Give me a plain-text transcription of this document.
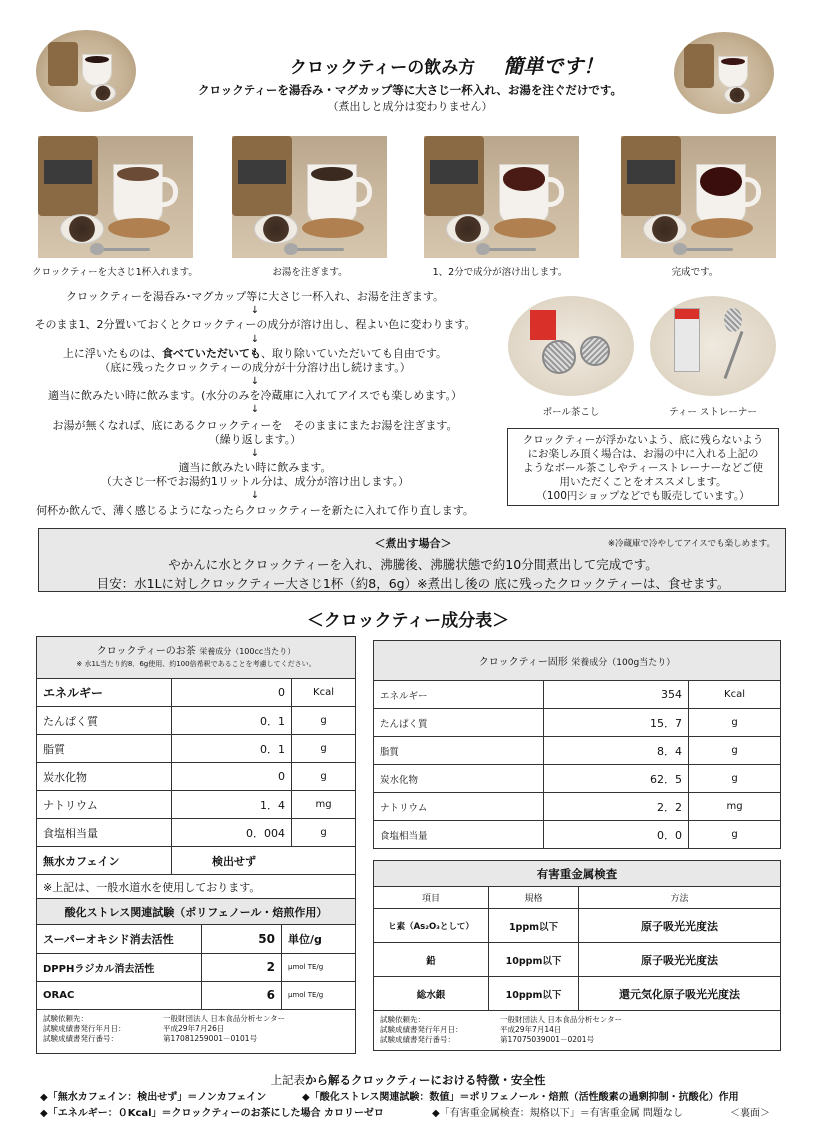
クロックティーの飲み方 簡単です！
クロックティーを湯呑み・マグカップ等に大さじ一杯入れ、お湯を注ぐだけです。
（煮出しと成分は変わりません）
クロックティーを大さじ1杯入れます。	お湯を注ぎます。	1、2分で成分が溶け出します。	完成です。
クロックティーを湯呑み･マグカップ等に大さじ一杯入れ、お湯を注ぎます。
↓
そのまま1、2分置いておくとクロックティーの成分が溶け出し、程よい色に変わります。
↓
上に浮いたものは、食べていただいても、取り除いていただいても自由です。
（底に残ったクロックティーの成分が十分溶け出し続けます。）
↓
適当に飲みたい時に飲みます。(水分のみを冷蔵庫に入れてアイスでも楽しめます。）
↓
お湯が無くなれば、底にあるクロックティーを　そのままにまたお湯を注ぎます。
（繰り返します。）
↓
適当に飲みたい時に飲みます。
（大さじ一杯でお湯約1リットル分は、成分が溶け出します。）
↓
何杯か飲んで、薄く感じるようになったらクロックティーを新たに入れて作り直します。
ボール茶こし	ティー ストレーナー
クロックティーが浮かないよう、底に残らないよう
にお楽しみ頂く場合は、お湯の中に入れる上記の
ようなボール茶こしやティーストレーナーなどご使
用いただくことをオススメします。
（100円ショップなどでも販売しています。）
＜煮出す場合＞	※冷蔵庫で冷やしてアイスでも楽しめます。
やかんに水とクロックティーを入れ、沸騰後、沸騰状態で約10分間煮出して完成です。
目安：水1Lに対しクロックティー大さじ1杯（約8，6g）※煮出し後の 底に残ったクロックティーは、食せます。
＜クロックティー成分表＞
クロックティーのお茶 栄養成分（100cc当たり）
※ 水1L当たり約8．6g使用、約100倍希釈であることを考慮してください。		

エネルギー	0	Kcal
たんぱく質	0．1	g
脂質	0．1	g
炭水化物	0	g
ナトリウム	1．4	mg
食塩相当量	0．004	g
無水カフェイン	検出せず	
※上記は、一般水道水を使用しております。		
酸化ストレス関連試験（ポリフェノール・焙煎作用）		
スーパーオキシド消去活性	50	単位/g
DPPHラジカル消去活性	2	μmol TE/g
ORAC	6	μmol TE/g
試験依頼先：	一般財団法人 日本食品分析センター
試験成績書発行年月日：	平成29年7月26日
試験成績書発行番号：	第17081259001－0101号
クロックティー固形 栄養成分（100g当たり）		
エネルギー	354	Kcal
たんぱく質	15．7	g
脂質	8．4	g
炭水化物	62．5	g
ナトリウム	2．2	mg
食塩相当量	0．0	g
有害重金属検査		
項目	規格	方法
ヒ素（As₂O₃として）	1ppm以下	原子吸光光度法
鉛	10ppm以下	原子吸光光度法
総水銀	10ppm以下	還元気化原子吸光光度法
試験依頼先：	一般財団法人 日本食品分析センター
試験成績書発行年月日：	平成29年7月14日
試験成績書発行番号：	第17075039001－0201号
上記表から解るクロックティーにおける特徴・安全性
◆「無水カフェイン：検出せず」＝ノンカフェイン	◆「酸化ストレス関連試験：数値」＝ポリフェノール・焙煎（活性酸素の過剰抑制・抗酸化）作用
◆「エネルギー：０Kcal」＝クロックティーのお茶にした場合 カロリーゼロ	◆「有害重金属検査：規格以下」＝有害重金属 問題なし	＜裏面＞
